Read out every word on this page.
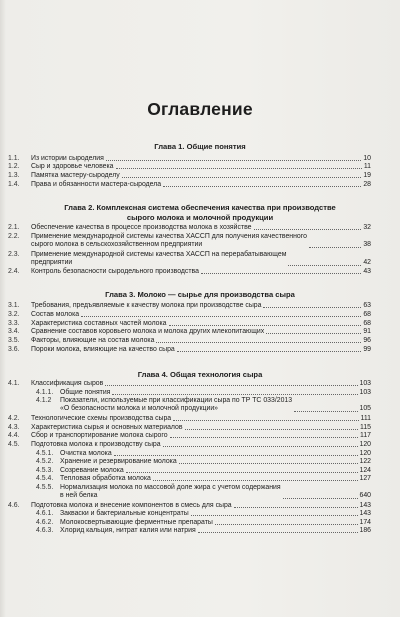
Оглавление
Глава 1. Общие понятия
Глава 2. Комплексная система обеспечения качества при производстве
сырого молока и молочной продукции
Глава 3. Молоко — сырье для производства сыра
Глава 4. Общая технология сыра
1.1. Из истории сыроделия	10
1.2. Сыр и здоровье человека	11
1.3. Памятка мастеру-сыроделу	19
1.4. Права и обязанности мастера-сыродела	28
2.1. Обеспечение качества в процессе производства молока в хозяйстве	32
2.2. Применение международной системы качества ХАССП для получения качественного
сырого молока в сельскохозяйственном предприятии	38
2.3. Применение международной системы качества ХАССП на перерабатывающем
предприятии	42
2.4. Контроль безопасности сыродельного производства	43
3.1. Требования, предъявляемые к качеству молока при производстве сыра	63
3.2. Состав молока	68
3.3. Характеристика составных частей молока	68
3.4. Сравнение составов коровьего молока и молока других млекопитающих	91
3.5. Факторы, влияющие на состав молока	96
3.6. Пороки молока, влияющие на качество сыра	99
4.1. Классификация сыров	103
4.1.1. Общие понятия	103
4.1.2 Показатели, используемые при классификации сыра по ТР ТС 033/2013
«О безопасности молока и молочной продукции»	105
4.2. Технологические схемы производства сыра	111
4.3. Характеристика сырья и основных материалов	115
4.4. Сбор и транспортирование молока сырого	117
4.5. Подготовка молока к производству сыра	120
4.5.1. Очистка молока	120
4.5.2. Хранение и резервирование молока	122
4.5.3. Созревание молока	124
4.5.4. Тепловая обработка молока	127
4.5.5. Нормализация молока по массовой доле жира с учетом содержания
в ней белка	640
4.6. Подготовка молока и внесение компонентов в смесь для сыра	143
4.6.1. Закваски и бактериальные концентраты	143
4.6.2. Молокосвертывающие ферментные препараты	174
4.6.3. Хлорид кальция, нитрат калия или натрия	186
